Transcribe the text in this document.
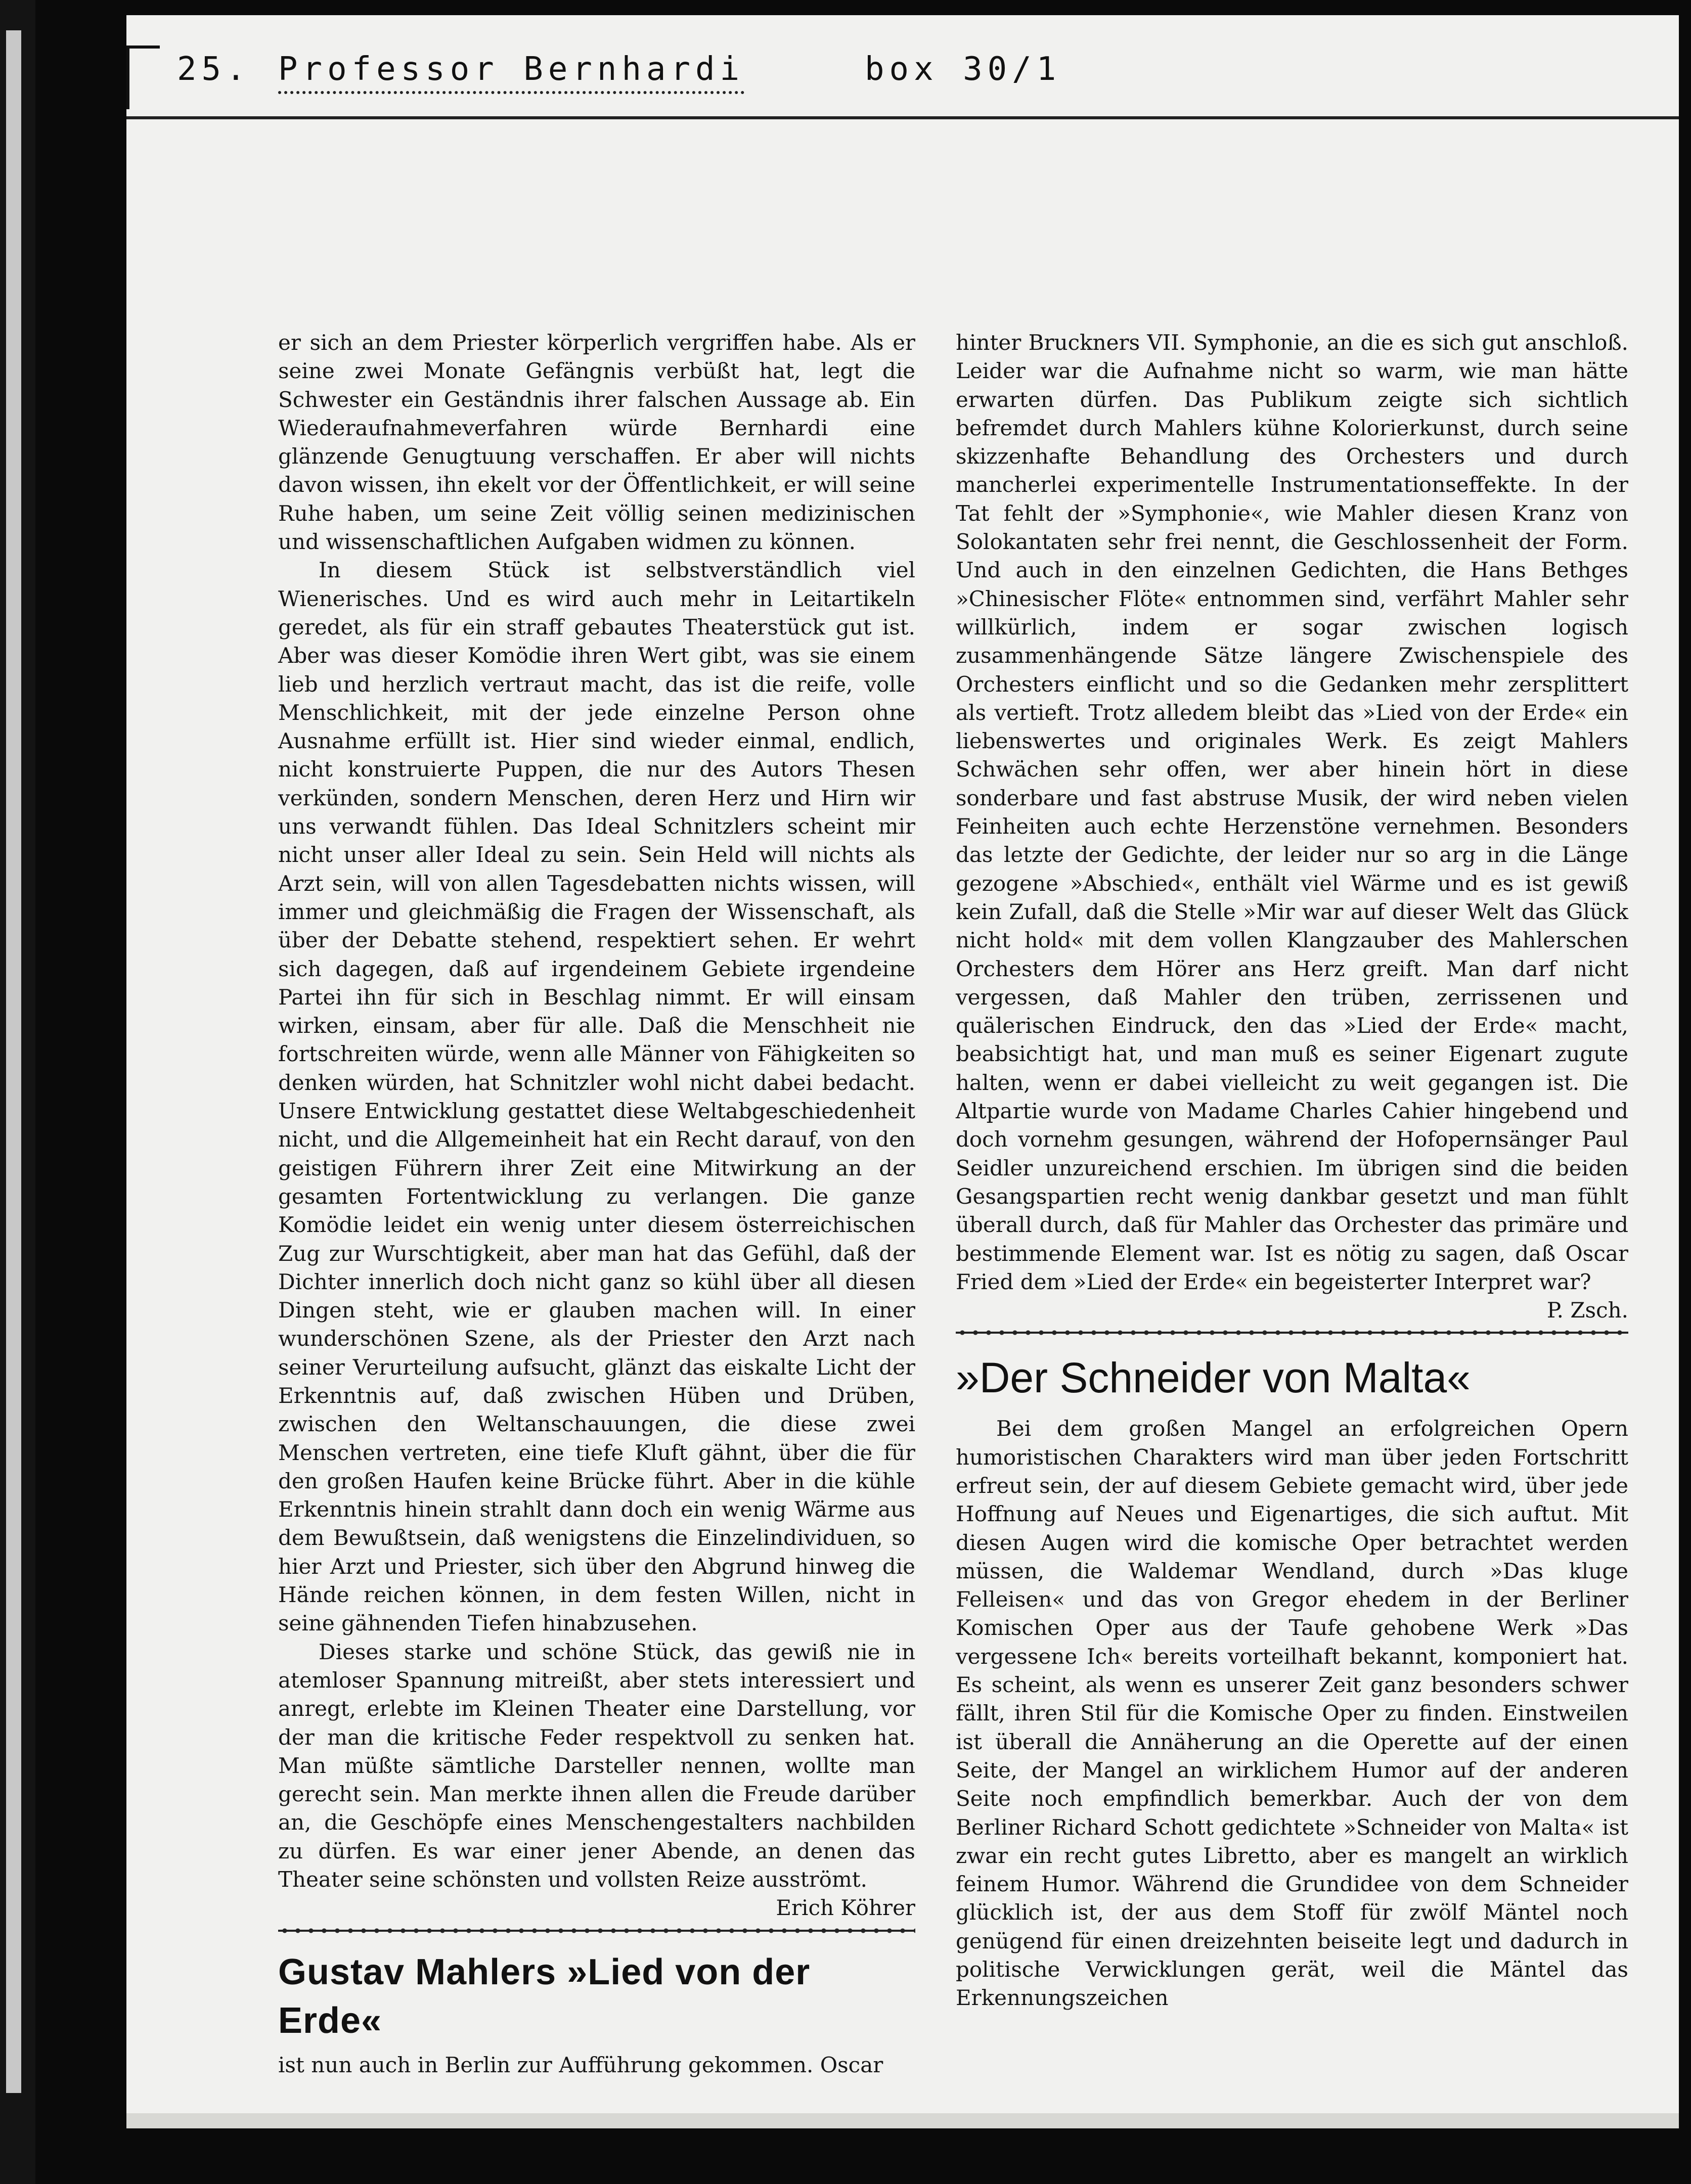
25. Professor Bernhardi	box 30/1

er sich an dem Priester körperlich vergriffen habe. Als er seine zwei Monate Gefängnis verbüßt hat, legt die Schwester ein Geständnis ihrer falschen Aussage ab. Ein Wiederaufnahmeverfahren würde Bernhardi eine glänzende Genugtuung verschaffen. Er aber will nichts davon wissen, ihn ekelt vor der Öffentlichkeit, er will seine Ruhe haben, um seine Zeit völlig seinen medizinischen und wissenschaftlichen Aufgaben widmen zu können.

In diesem Stück ist selbstverständlich viel Wienerisches. Und es wird auch mehr in Leitartikeln geredet, als für ein straff gebautes Theaterstück gut ist. Aber was dieser Komödie ihren Wert gibt, was sie einem lieb und herzlich vertraut macht, das ist die reife, volle Menschlichkeit, mit der jede einzelne Person ohne Ausnahme erfüllt ist. Hier sind wieder einmal, endlich, nicht konstruierte Puppen, die nur des Autors Thesen verkünden, sondern Menschen, deren Herz und Hirn wir uns verwandt fühlen. Das Ideal Schnitzlers scheint mir nicht unser aller Ideal zu sein. Sein Held will nichts als Arzt sein, will von allen Tagesdebatten nichts wissen, will immer und gleichmäßig die Fragen der Wissenschaft, als über der Debatte stehend, respektiert sehen. Er wehrt sich dagegen, daß auf irgendeinem Gebiete irgendeine Partei ihn für sich in Beschlag nimmt. Er will einsam wirken, einsam, aber für alle. Daß die Menschheit nie fortschreiten würde, wenn alle Männer von Fähigkeiten so denken würden, hat Schnitzler wohl nicht dabei bedacht. Unsere Entwicklung gestattet diese Weltabgeschiedenheit nicht, und die Allgemeinheit hat ein Recht darauf, von den geistigen Führern ihrer Zeit eine Mitwirkung an der gesamten Fortentwicklung zu verlangen. Die ganze Komödie leidet ein wenig unter diesem österreichischen Zug zur Wurschtigkeit, aber man hat das Gefühl, daß der Dichter innerlich doch nicht ganz so kühl über all diesen Dingen steht, wie er glauben machen will. In einer wunderschönen Szene, als der Priester den Arzt nach seiner Verurteilung aufsucht, glänzt das eiskalte Licht der Erkenntnis auf, daß zwischen Hüben und Drüben, zwischen den Weltanschauungen, die diese zwei Menschen vertreten, eine tiefe Kluft gähnt, über die für den großen Haufen keine Brücke führt. Aber in die kühle Erkenntnis hinein strahlt dann doch ein wenig Wärme aus dem Bewußtsein, daß wenigstens die Einzelindividuen, so hier Arzt und Priester, sich über den Abgrund hinweg die Hände reichen können, in dem festen Willen, nicht in seine gähnenden Tiefen hinabzusehen.

Dieses starke und schöne Stück, das gewiß nie in atemloser Spannung mitreißt, aber stets interessiert und anregt, erlebte im Kleinen Theater eine Darstellung, vor der man die kritische Feder respektvoll zu senken hat. Man müßte sämtliche Darsteller nennen, wollte man gerecht sein. Man merkte ihnen allen die Freude darüber an, die Geschöpfe eines Menschengestalters nachbilden zu dürfen. Es war einer jener Abende, an denen das Theater seine schönsten und vollsten Reize ausströmt.

Erich Köhrer

Gustav Mahlers »Lied von der Erde«

ist nun auch in Berlin zur Aufführung gekommen. Oscar

hinter Bruckners VII. Symphonie, an die es sich gut anschloß. Leider war die Aufnahme nicht so warm, wie man hätte erwarten dürfen. Das Publikum zeigte sich sichtlich befremdet durch Mahlers kühne Kolorierkunst, durch seine skizzenhafte Behandlung des Orchesters und durch mancherlei experimentelle Instrumentationseffekte. In der Tat fehlt der »Symphonie«, wie Mahler diesen Kranz von Solokantaten sehr frei nennt, die Geschlossenheit der Form. Und auch in den einzelnen Gedichten, die Hans Bethges »Chinesischer Flöte« entnommen sind, verfährt Mahler sehr willkürlich, indem er sogar zwischen logisch zusammenhängende Sätze längere Zwischenspiele des Orchesters einflicht und so die Gedanken mehr zersplittert als vertieft. Trotz alledem bleibt das »Lied von der Erde« ein liebenswertes und originales Werk. Es zeigt Mahlers Schwächen sehr offen, wer aber hinein hört in diese sonderbare und fast abstruse Musik, der wird neben vielen Feinheiten auch echte Herzenstöne vernehmen. Besonders das letzte der Gedichte, der leider nur so arg in die Länge gezogene »Abschied«, enthält viel Wärme und es ist gewiß kein Zufall, daß die Stelle »Mir war auf dieser Welt das Glück nicht hold« mit dem vollen Klangzauber des Mahlerschen Orchesters dem Hörer ans Herz greift. Man darf nicht vergessen, daß Mahler den trüben, zerrissenen und quälerischen Eindruck, den das »Lied der Erde« macht, beabsichtigt hat, und man muß es seiner Eigenart zugute halten, wenn er dabei vielleicht zu weit gegangen ist. Die Altpartie wurde von Madame Charles Cahier hingebend und doch vornehm gesungen, während der Hofopernsänger Paul Seidler unzureichend erschien. Im übrigen sind die beiden Gesangspartien recht wenig dankbar gesetzt und man fühlt überall durch, daß für Mahler das Orchester das primäre und bestimmende Element war. Ist es nötig zu sagen, daß Oscar Fried dem »Lied der Erde« ein begeisterter Interpret war?

P. Zsch.

»Der Schneider von Malta«

Bei dem großen Mangel an erfolgreichen Opern humoristischen Charakters wird man über jeden Fortschritt erfreut sein, der auf diesem Gebiete gemacht wird, über jede Hoffnung auf Neues und Eigenartiges, die sich auftut. Mit diesen Augen wird die komische Oper betrachtet werden müssen, die Waldemar Wendland, durch »Das kluge Felleisen« und das von Gregor ehedem in der Berliner Komischen Oper aus der Taufe gehobene Werk »Das vergessene Ich« bereits vorteilhaft bekannt, komponiert hat. Es scheint, als wenn es unserer Zeit ganz besonders schwer fällt, ihren Stil für die Komische Oper zu finden. Einstweilen ist überall die Annäherung an die Operette auf der einen Seite, der Mangel an wirklichem Humor auf der anderen Seite noch empfindlich bemerkbar. Auch der von dem Berliner Richard Schott gedichtete »Schneider von Malta« ist zwar ein recht gutes Libretto, aber es mangelt an wirklich feinem Humor. Während die Grundidee von dem Schneider glücklich ist, der aus dem Stoff für zwölf Mäntel noch genügend für einen dreizehnten beiseite legt und dadurch in politische Verwicklungen gerät, weil die Mäntel das Erkennungszeichen
